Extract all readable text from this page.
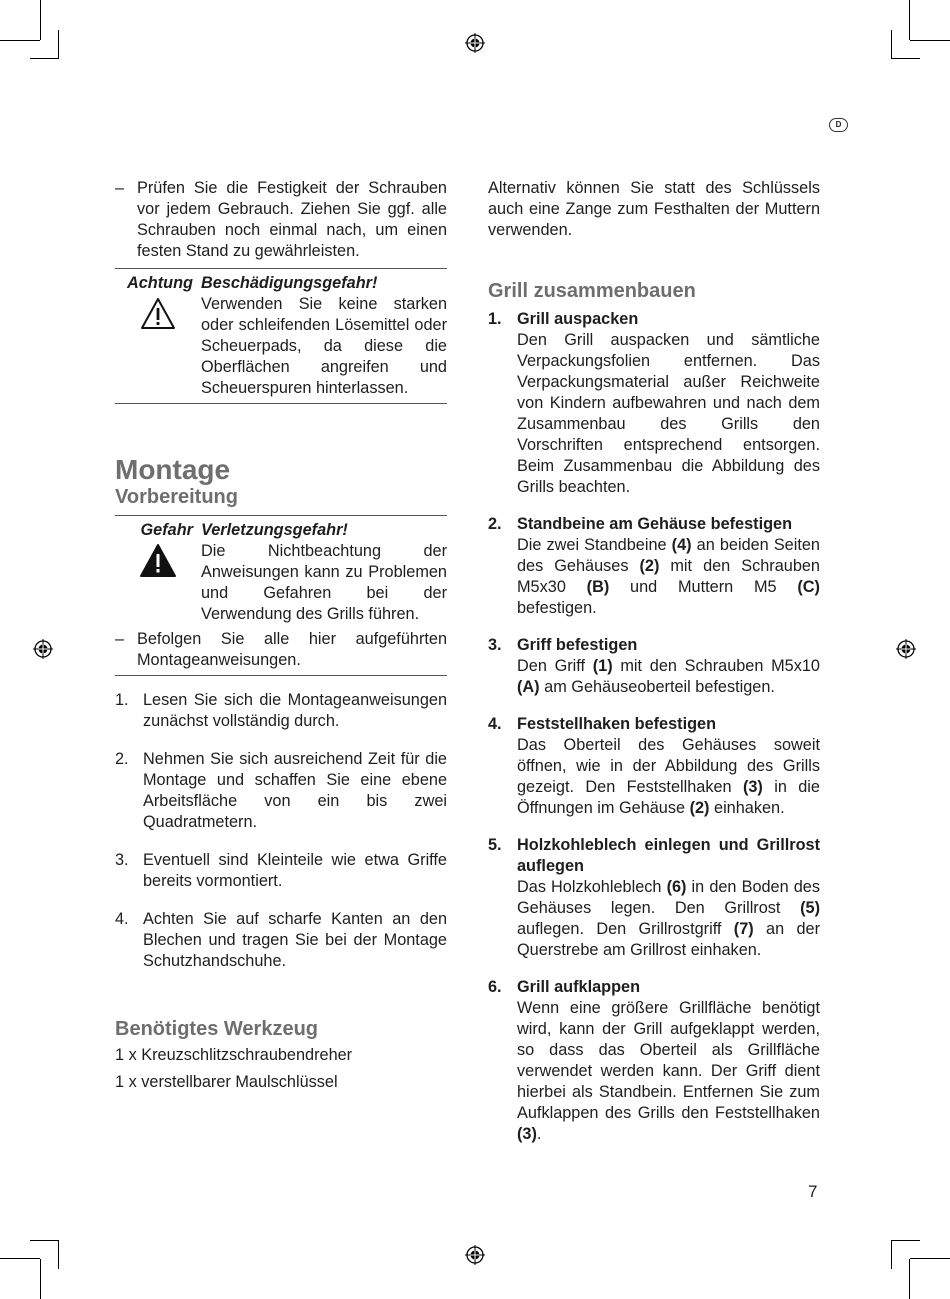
D
– Prüfen Sie die Festigkeit der Schrauben vor jedem Gebrauch. Ziehen Sie ggf. alle Schrauben noch einmal nach, um einen festen Stand zu gewährleisten.
Achtung Beschädigungsgefahr!
Verwenden Sie keine starken oder schleifenden Lösemittel oder Scheuerpads, da diese die Oberflächen angreifen und Scheuerspuren hinterlassen.
Montage
Vorbereitung
Gefahr Verletzungsgefahr!
Die Nichtbeachtung der Anweisungen kann zu Problemen und Gefahren bei der Verwendung des Grills führen.
– Befolgen Sie alle hier aufgeführten Montageanweisungen.
1. Lesen Sie sich die Montageanweisungen zunächst vollständig durch.
2. Nehmen Sie sich ausreichend Zeit für die Montage und schaffen Sie eine ebene Arbeitsfläche von ein bis zwei Quadratmetern.
3. Eventuell sind Kleinteile wie etwa Griffe bereits vormontiert.
4. Achten Sie auf scharfe Kanten an den Blechen und tragen Sie bei der Montage Schutzhandschuhe.
Benötigtes Werkzeug
1 x Kreuzschlitzschraubendreher
1 x verstellbarer Maulschlüssel
Alternativ können Sie statt des Schlüssels auch eine Zange zum Festhalten der Muttern verwenden.
Grill zusammenbauen
1. Grill auspacken
Den Grill auspacken und sämtliche Verpackungsfolien entfernen. Das Verpackungsmaterial außer Reichweite von Kindern aufbewahren und nach dem Zusammenbau des Grills den Vorschriften entsprechend entsorgen. Beim Zusammenbau die Abbildung des Grills beachten.
2. Standbeine am Gehäuse befestigen
Die zwei Standbeine (4) an beiden Seiten des Gehäuses (2) mit den Schrauben M5x30 (B) und Muttern M5 (C) befestigen.
3. Griff befestigen
Den Griff (1) mit den Schrauben M5x10 (A) am Gehäuseoberteil befestigen.
4. Feststellhaken befestigen
Das Oberteil des Gehäuses soweit öffnen, wie in der Abbildung des Grills gezeigt. Den Feststellhaken (3) in die Öffnungen im Gehäuse (2) einhaken.
5. Holzkohleblech einlegen und Grillrost auflegen
Das Holzkohleblech (6) in den Boden des Gehäuses legen. Den Grillrost (5) auflegen. Den Grillrostgriff (7) an der Querstrebe am Grillrost einhaken.
6. Grill aufklappen
Wenn eine größere Grillfläche benötigt wird, kann der Grill aufgeklappt werden, so dass das Oberteil als Grillfläche verwendet werden kann. Der Griff dient hierbei als Standbein. Entfernen Sie zum Aufklappen des Grills den Feststellhaken (3).
7
